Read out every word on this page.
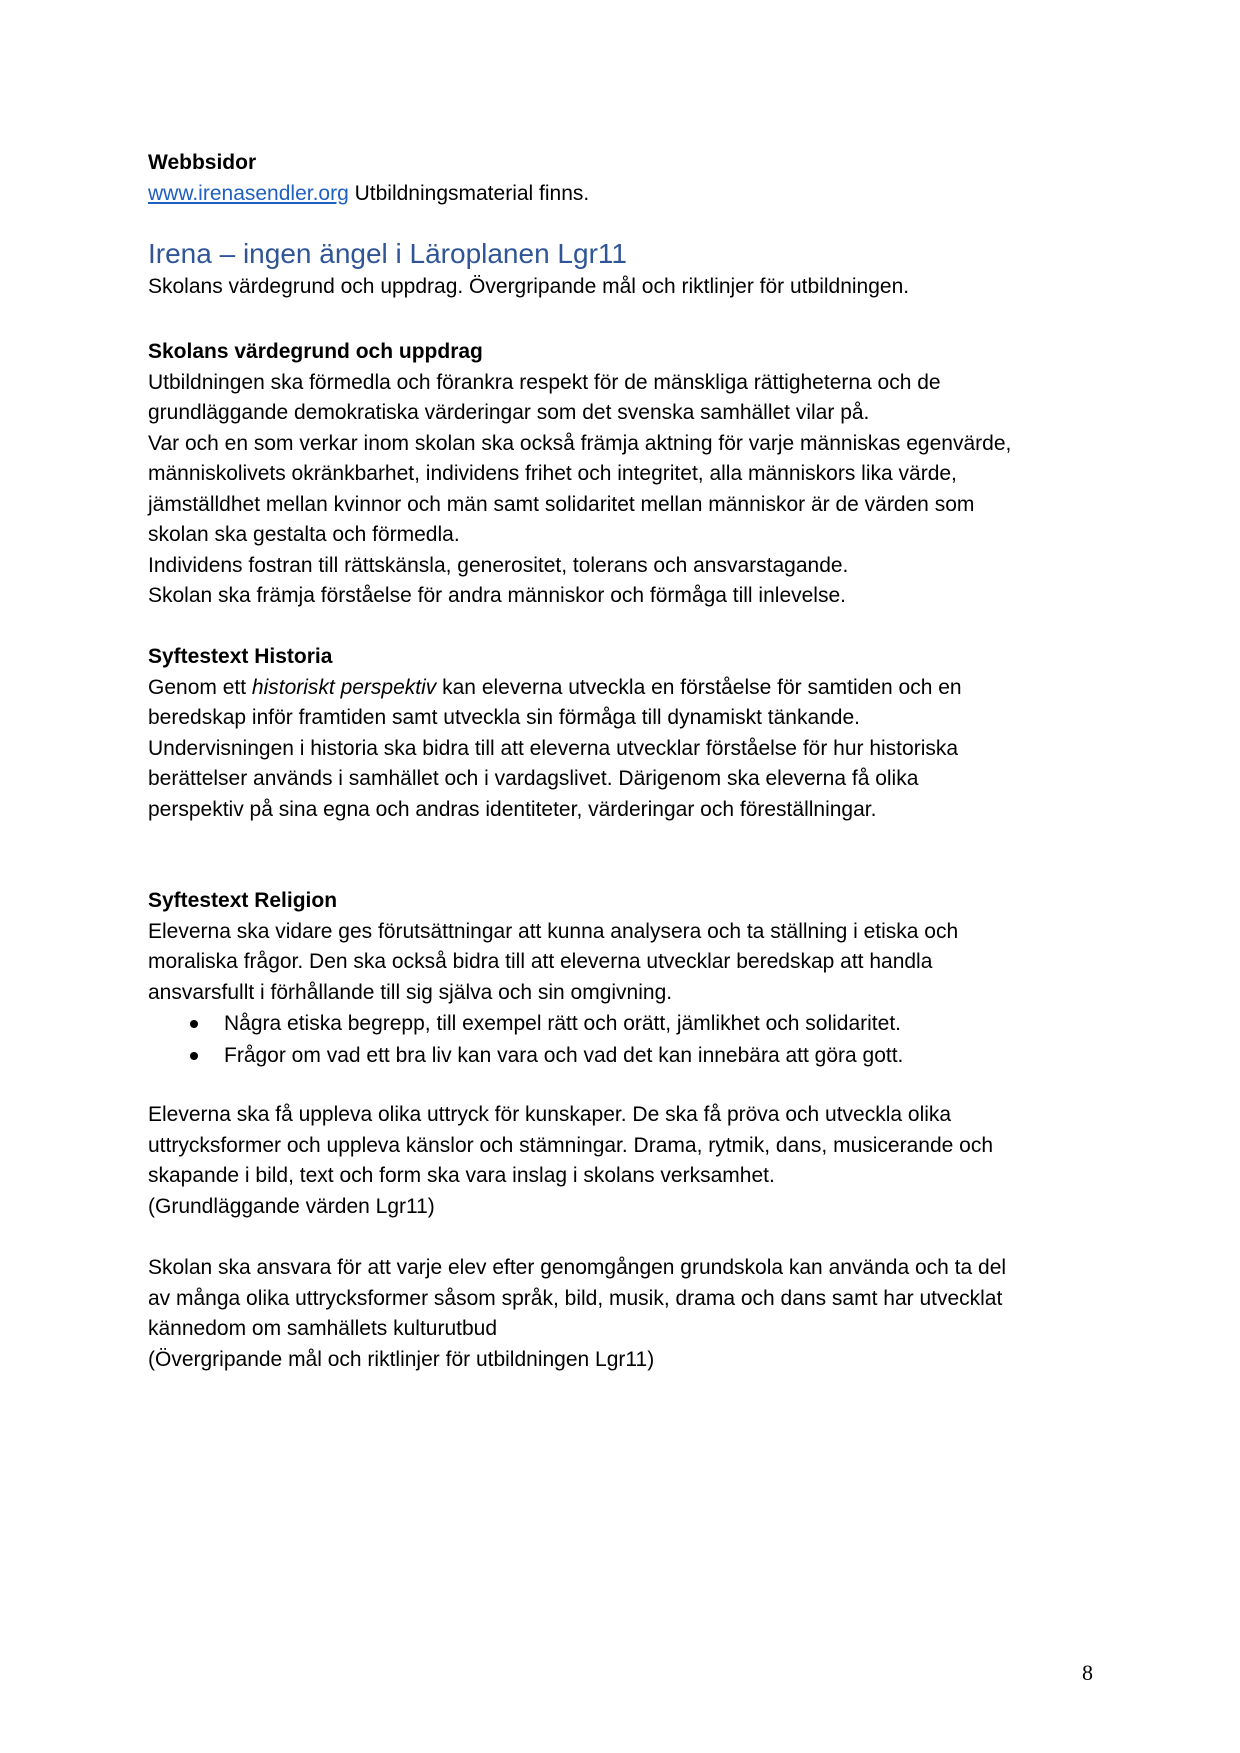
Webbsidor
www.irenasendler.org Utbildningsmaterial finns.
Irena – ingen ängel i Läroplanen Lgr11
Skolans värdegrund och uppdrag. Övergripande mål och riktlinjer för utbildningen.
Skolans värdegrund och uppdrag
Utbildningen ska förmedla och förankra respekt för de mänskliga rättigheterna och de
grundläggande demokratiska värderingar som det svenska samhället vilar på.
Var och en som verkar inom skolan ska också främja aktning för varje människas egenvärde,
människolivets okränkbarhet, individens frihet och integritet, alla människors lika värde,
jämställdhet mellan kvinnor och män samt solidaritet mellan människor är de värden som
skolan ska gestalta och förmedla.
Individens fostran till rättskänsla, generositet, tolerans och ansvarstagande.
Skolan ska främja förståelse för andra människor och förmåga till inlevelse.
Syftestext Historia
Genom ett historiskt perspektiv kan eleverna utveckla en förståelse för samtiden och en
beredskap inför framtiden samt utveckla sin förmåga till dynamiskt tänkande.
Undervisningen i historia ska bidra till att eleverna utvecklar förståelse för hur historiska
berättelser används i samhället och i vardagslivet. Därigenom ska eleverna få olika
perspektiv på sina egna och andras identiteter, värderingar och föreställningar.
Syftestext Religion
Eleverna ska vidare ges förutsättningar att kunna analysera och ta ställning i etiska och
moraliska frågor. Den ska också bidra till att eleverna utvecklar beredskap att handla
ansvarsfullt i förhållande till sig själva och sin omgivning.
Några etiska begrepp, till exempel rätt och orätt, jämlikhet och solidaritet.
Frågor om vad ett bra liv kan vara och vad det kan innebära att göra gott.
Eleverna ska få uppleva olika uttryck för kunskaper. De ska få pröva och utveckla olika
uttrycksformer och uppleva känslor och stämningar. Drama, rytmik, dans, musicerande och
skapande i bild, text och form ska vara inslag i skolans verksamhet.
(Grundläggande värden Lgr11)
Skolan ska ansvara för att varje elev efter genomgången grundskola kan använda och ta del
av många olika uttrycksformer såsom språk, bild, musik, drama och dans samt har utvecklat
kännedom om samhällets kulturutbud
(Övergripande mål och riktlinjer för utbildningen Lgr11)
8
